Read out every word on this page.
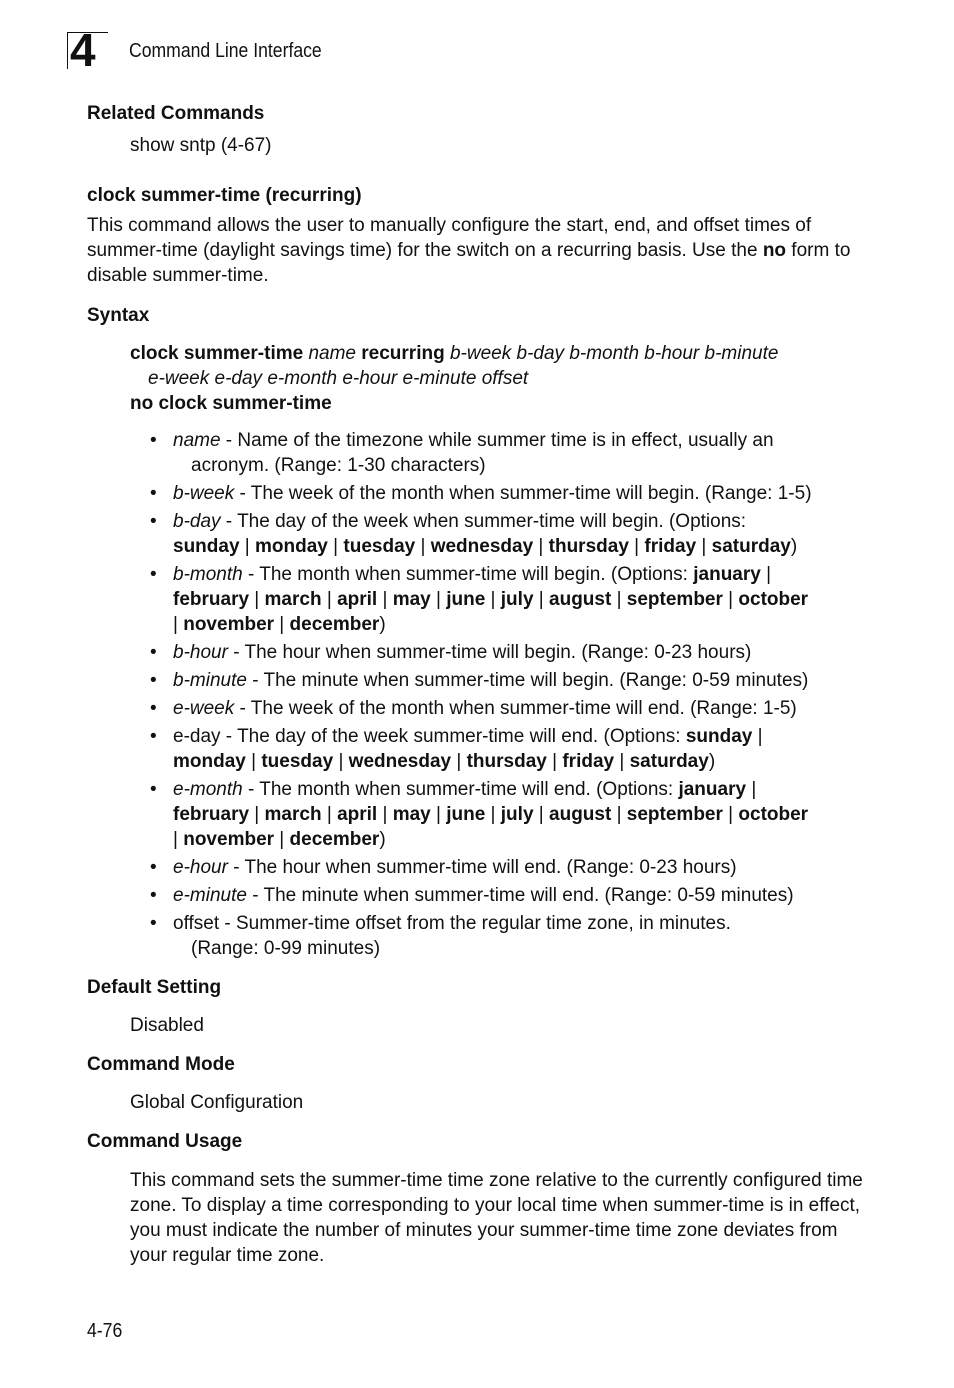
4 Command Line Interface
Related Commands
show sntp (4-67)
clock summer-time (recurring)
This command allows the user to manually configure the start, end, and offset times of summer-time (daylight savings time) for the switch on a recurring basis. Use the no form to disable summer-time.
Syntax
clock summer-time name recurring b-week b-day b-month b-hour b-minute
e-week e-day e-month e-hour e-minute offset
no clock summer-time
• name - Name of the timezone while summer time is in effect, usually an
acronym. (Range: 1-30 characters)
• b-week - The week of the month when summer-time will begin. (Range: 1-5)
• b-day - The day of the week when summer-time will begin. (Options:
sunday | monday | tuesday | wednesday | thursday | friday | saturday)
• b-month - The month when summer-time will begin. (Options: january |
february | march | april | may | june | july | august | september | october
| november | december)
• b-hour - The hour when summer-time will begin. (Range: 0-23 hours)
• b-minute - The minute when summer-time will begin. (Range: 0-59 minutes)
• e-week - The week of the month when summer-time will end. (Range: 1-5)
• e-day - The day of the week summer-time will end. (Options: sunday |
monday | tuesday | wednesday | thursday | friday | saturday)
• e-month - The month when summer-time will end. (Options: january |
february | march | april | may | june | july | august | september | october
| november | december)
• e-hour - The hour when summer-time will end. (Range: 0-23 hours)
• e-minute - The minute when summer-time will end. (Range: 0-59 minutes)
• offset - Summer-time offset from the regular time zone, in minutes.
(Range: 0-99 minutes)
Default Setting
Disabled
Command Mode
Global Configuration
Command Usage
This command sets the summer-time time zone relative to the currently configured time zone. To display a time corresponding to your local time when summer-time is in effect, you must indicate the number of minutes your summer-time time zone deviates from your regular time zone.
4-76
